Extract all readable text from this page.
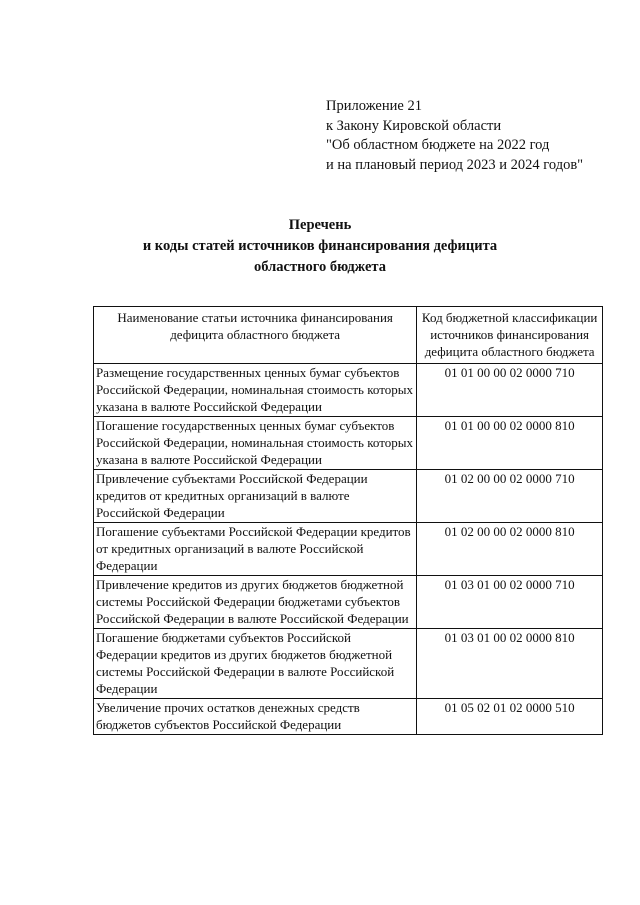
Приложение 21
к Закону Кировской области
"Об областном бюджете на 2022 год
и на плановый период 2023 и 2024 годов"
Перечень
и коды статей источников финансирования дефицита
областного бюджета
Наименование статьи источника финансирования дефицита областного бюджета	Код бюджетной классификации источников финансирования дефицита областного бюджета
Размещение государственных ценных бумаг субъектов Российской Федерации, номинальная стоимость которых указана в валюте Российской Федерации	01 01 00 00 02 0000 710
Погашение государственных ценных бумаг субъектов Российской Федерации, номинальная стоимость которых указана в валюте Российской Федерации	01 01 00 00 02 0000 810
Привлечение субъектами Российской Федерации кредитов от кредитных организаций в валюте Российской Федерации	01 02 00 00 02 0000 710
Погашение субъектами Российской Федерации кредитов от кредитных организаций в валюте Российской Федерации	01 02 00 00 02 0000 810
Привлечение кредитов из других бюджетов бюджетной системы Российской Федерации бюджетами субъектов Российской Федерации в валюте Российской Федерации	01 03 01 00 02 0000 710
Погашение бюджетами субъектов Российской Федерации кредитов из других бюджетов бюджетной системы Российской Федерации в валюте Российской Федерации	01 03 01 00 02 0000 810
Увеличение прочих остатков денежных средств бюджетов субъектов Российской Федерации	01 05 02 01 02 0000 510
